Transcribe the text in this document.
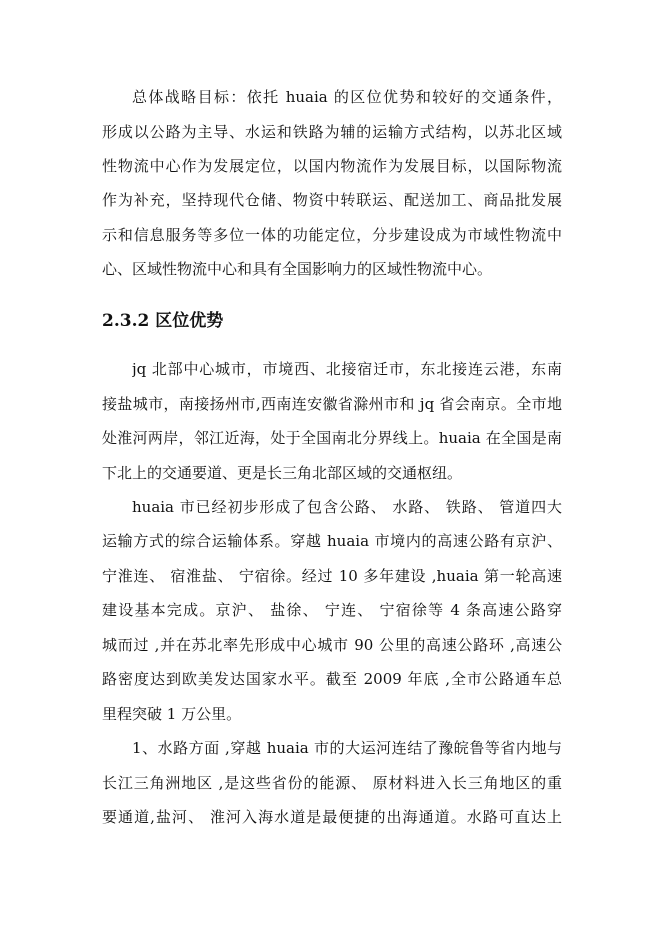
总体战略目标：依托 huaia 的区位优势和较好的交通条件，
形成以公路为主导、水运和铁路为辅的运输方式结构，以苏北区域
性物流中心作为发展定位，以国内物流作为发展目标，以国际物流
作为补充，坚持现代仓储、物资中转联运、配送加工、商品批发展
示和信息服务等多位一体的功能定位，分步建设成为市域性物流中
心、区域性物流中心和具有全国影响力的区域性物流中心。
2.3.2 区位优势
jq 北部中心城市，市境西、北接宿迁市，东北接连云港，东南
接盐城市，南接扬州市,西南连安徽省滁州市和 jq 省会南京。全市地
处淮河两岸，邻江近海，处于全国南北分界线上。huaia 在全国是南
下北上的交通要道、更是长三角北部区域的交通枢纽。
huaia 市已经初步形成了包含公路、 水路、 铁路、 管道四大
运输方式的综合运输体系。穿越 huaia 市境内的高速公路有京沪、
宁淮连、 宿淮盐、 宁宿徐。经过 10 多年建设 ,huaia 第一轮高速
建设基本完成。京沪、 盐徐、 宁连、 宁宿徐等 4 条高速公路穿
城而过 ,并在苏北率先形成中心城市 90 公里的高速公路环 ,高速公
路密度达到欧美发达国家水平。截至 2009 年底 ,全市公路通车总
里程突破 1 万公里。
1、水路方面 ,穿越 huaia 市的大运河连结了豫皖鲁等省内地与
长江三角洲地区 ,是这些省份的能源、 原材料进入长三角地区的重
要通道,盐河、 淮河入海水道是最便捷的出海通道。水路可直达上
